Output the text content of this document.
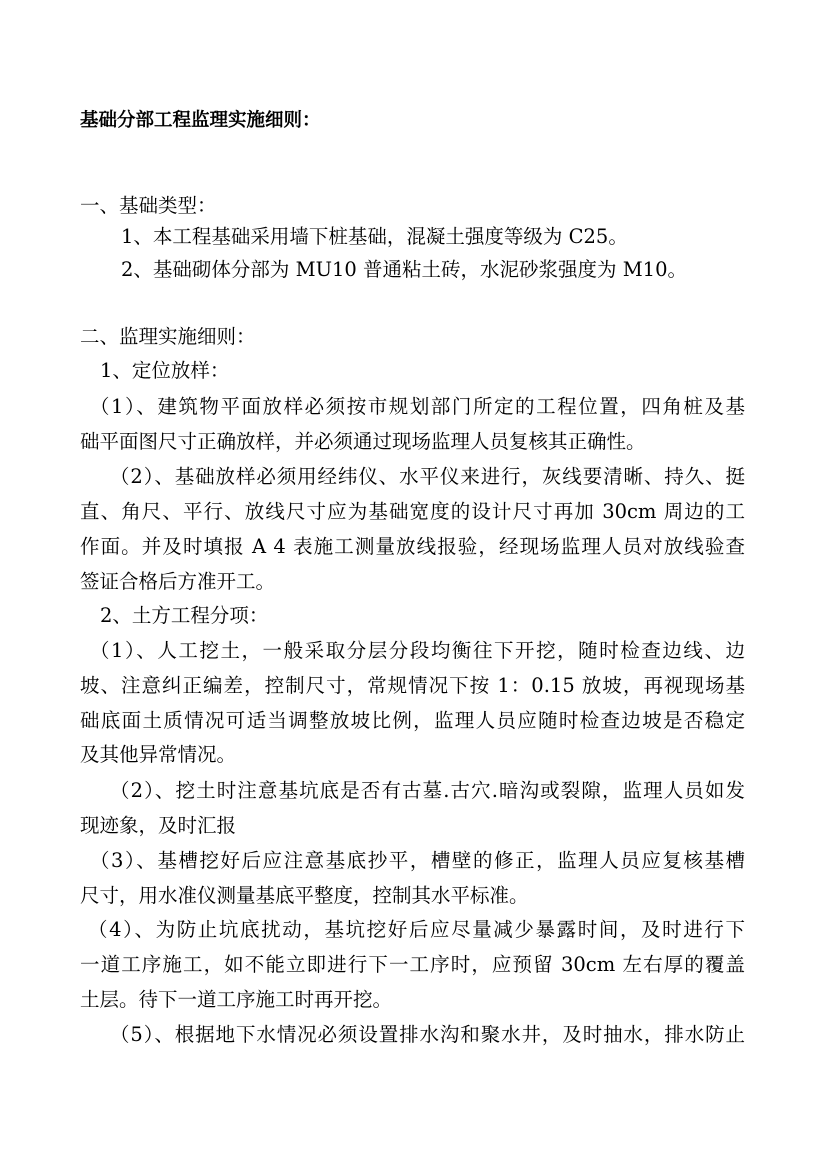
基础分部工程监理实施细则：
一、基础类型：
1、本工程基础采用墙下桩基础，混凝土强度等级为 C25。
2、基础砌体分部为 MU10 普通粘土砖，水泥砂浆强度为 M10。
二、监理实施细则：
1、定位放样：
（1）、建筑物平面放样必须按市规划部门所定的工程位置，四角桩及基
础平面图尺寸正确放样，并必须通过现场监理人员复核其正确性。
（2）、基础放样必须用经纬仪、水平仪来进行，灰线要清晰、持久、挺
直、角尺、平行、放线尺寸应为基础宽度的设计尺寸再加 30cm 周边的工
作面。并及时填报 A 4 表施工测量放线报验，经现场监理人员对放线验查
签证合格后方准开工。
2、土方工程分项：
（1）、人工挖土，一般采取分层分段均衡往下开挖，随时检查边线、边
坡、注意纠正编差，控制尺寸，常规情况下按 1：0.15 放坡，再视现场基
础底面土质情况可适当调整放坡比例，监理人员应随时检查边坡是否稳定
及其他异常情况。
（2）、挖土时注意基坑底是否有古墓.古穴.暗沟或裂隙，监理人员如发
现迹象，及时汇报
（3）、基槽挖好后应注意基底抄平，槽壁的修正，监理人员应复核基槽
尺寸，用水准仪测量基底平整度，控制其水平标准。
（4）、为防止坑底扰动，基坑挖好后应尽量减少暴露时间，及时进行下
一道工序施工，如不能立即进行下一工序时，应预留 30cm 左右厚的覆盖
土层。待下一道工序施工时再开挖。
（5）、根据地下水情况必须设置排水沟和聚水井，及时抽水，排水防止
